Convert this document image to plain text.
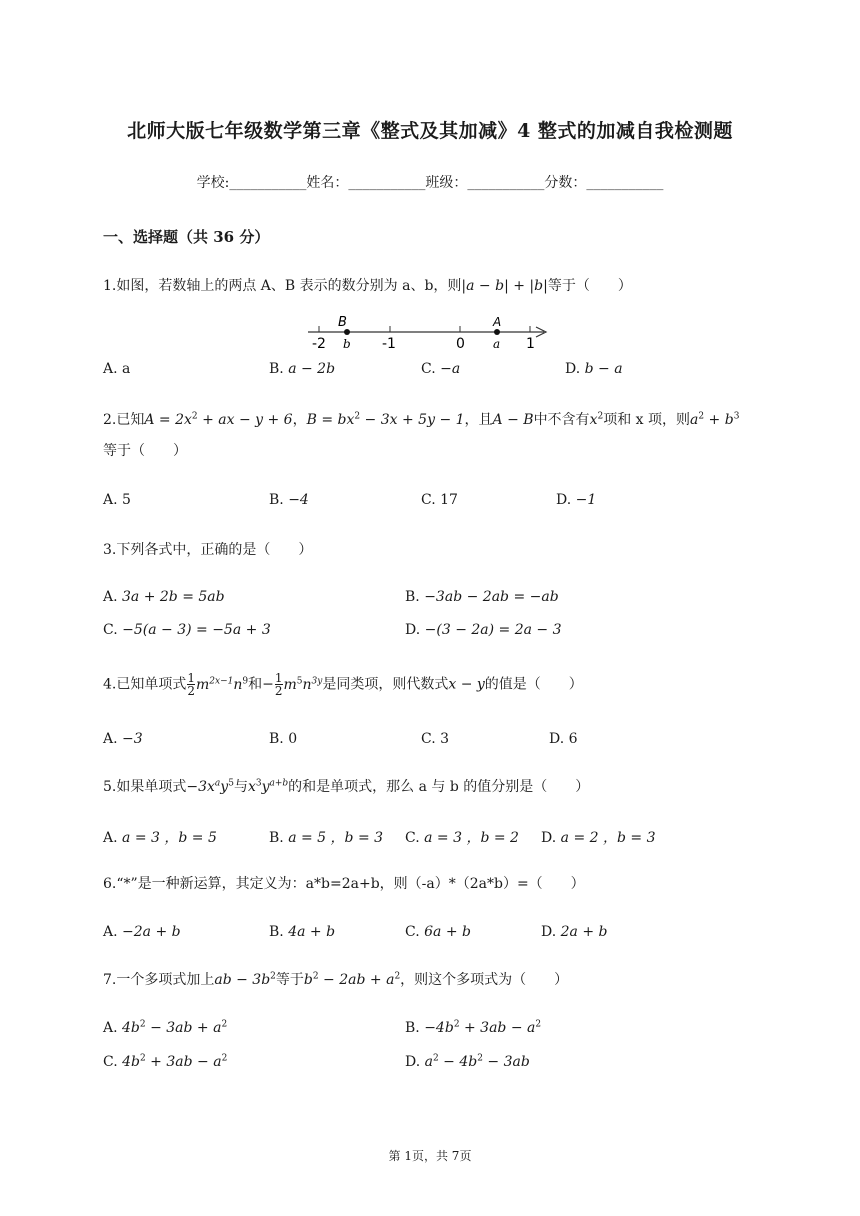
北师大版七年级数学第三章《整式及其加减》4 整式的加减自我检测题
学校:___________姓名：___________班级：___________分数：___________
一、选择题（共 36 分）
1.如图，若数轴上的两点 A、B 表示的数分别为 a、b，则|a − b| + |b|等于（　　）
-2	-1	0	1
B
b
A
a
A. a	B. a − 2b	C. −a	D. b − a
2.已知$A = 2x^2$ + ax − y + 6，$B = bx^2 - 3x + 5y - 1$，且A − B中不含有$x^2$项和 x 项，则$a^2 + b^3$
等于（　　）
A. 5	B. −4	C. 17	D. −1
3.下列各式中，正确的是（　　）
A. 3a + 2b = 5ab	B. −3ab − 2ab = −ab
C. −5(a − 3) = −5a + 3	D. −(3 − 2a) = 2a − 3
4.已知单项式 $\frac{1}{2} m^{2x-1}n^9$和− $\frac{1}{2} m^5n^{3y}$是同类项，则代数式x − y的值是（　　）
A. −3	B. 0	C. 3	D. 6
5.如果单项式$-3x^ay^5$与$x^3y^{a+b}$的和是单项式，那么 a 与 b 的值分别是（　　）
A. a = 3 ，b = 5	B. a = 5 ，b = 3 C. a = 3 ，b = 2 D. a = 2 ，b = 3
6.“*”是一种新运算，其定义为：a*b=2a+b，则（-a）*（2a*b）=（　　）
A. −2a + b	B. 4a + b	C. 6a + b	D. 2a + b
7.一个多项式加上ab − $3b^2$等于$b^2 - 2ab + a^2$，则这个多项式为（　　）
A. $4b^2 - 3ab + a^2$	B. $-4b^2 + 3ab - a^2$
C. $4b^2 + 3ab - a^2$	D. $a^2 - 4b^2 - 3ab$
第 1页，共 7页
